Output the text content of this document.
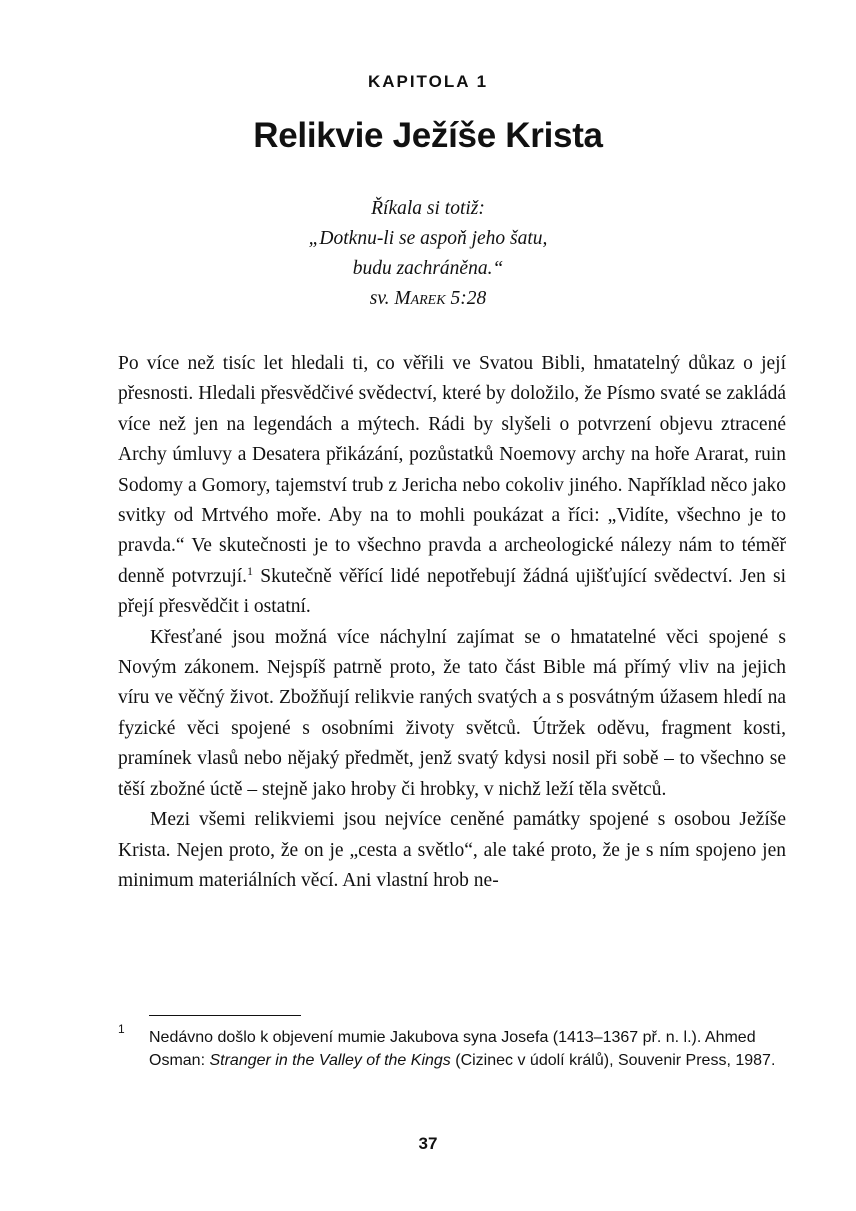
KAPITOLA 1
Relikvie Ježíše Krista
Říkala si totiž:
„Dotknu-li se aspoň jeho šatu,
budu zachráněna.“
sv. Marek 5:28

Po více než tisíc let hledali ti, co věřili ve Svatou Bibli, hmatatelný důkaz o její přesnosti. Hledali přesvědčivé svědectví, které by doložilo, že Písmo svaté se zakládá více než jen na legendách a mýtech. Rádi by slyšeli o potvrzení objevu ztracené Archy úmluvy a Desatera přikázání, pozůstatků Noemovy archy na hoře Ararat, ruin Sodomy a Gomory, tajemství trub z Jericha nebo cokoliv jiného. Například něco jako svitky od Mrtvého moře. Aby na to mohli poukázat a říci: „Vidíte, všechno je to pravda.“ Ve skutečnosti je to všechno pravda a archeologické nálezy nám to téměř denně potvrzují.$^1$ Skutečně věřící lidé nepotřebují žádná ujišťující svědectví. Jen si přejí přesvědčit i ostatní.

Křesťané jsou možná více náchylní zajímat se o hmatatelné věci spojené s Novým zákonem. Nejspíš patrně proto, že tato část Bible má přímý vliv na jejich víru ve věčný život. Zbožňují relikvie raných svatých a s posvátným úžasem hledí na fyzické věci spojené s osobními životy světců. Útržek oděvu, fragment kosti, pramínek vlasů nebo nějaký předmět, jenž svatý kdysi nosil při sobě – to všechno se těší zbožné úctě – stejně jako hroby či hrobky, v nichž leží těla světců.

Mezi všemi relikviemi jsou nejvíce ceněné památky spojené s osobou Ježíše Krista. Nejen proto, že on je „cesta a světlo“, ale také proto, že je s ním spojeno jen minimum materiálních věcí. Ani vlastní hrob ne-

1 Nedávno došlo k objevení mumie Jakubova syna Josefa (1413–1367 př. n. l.). Ahmed Osman: Stranger in the Valley of the Kings (Cizinec v údolí králů), Souvenir Press, 1987.
37
